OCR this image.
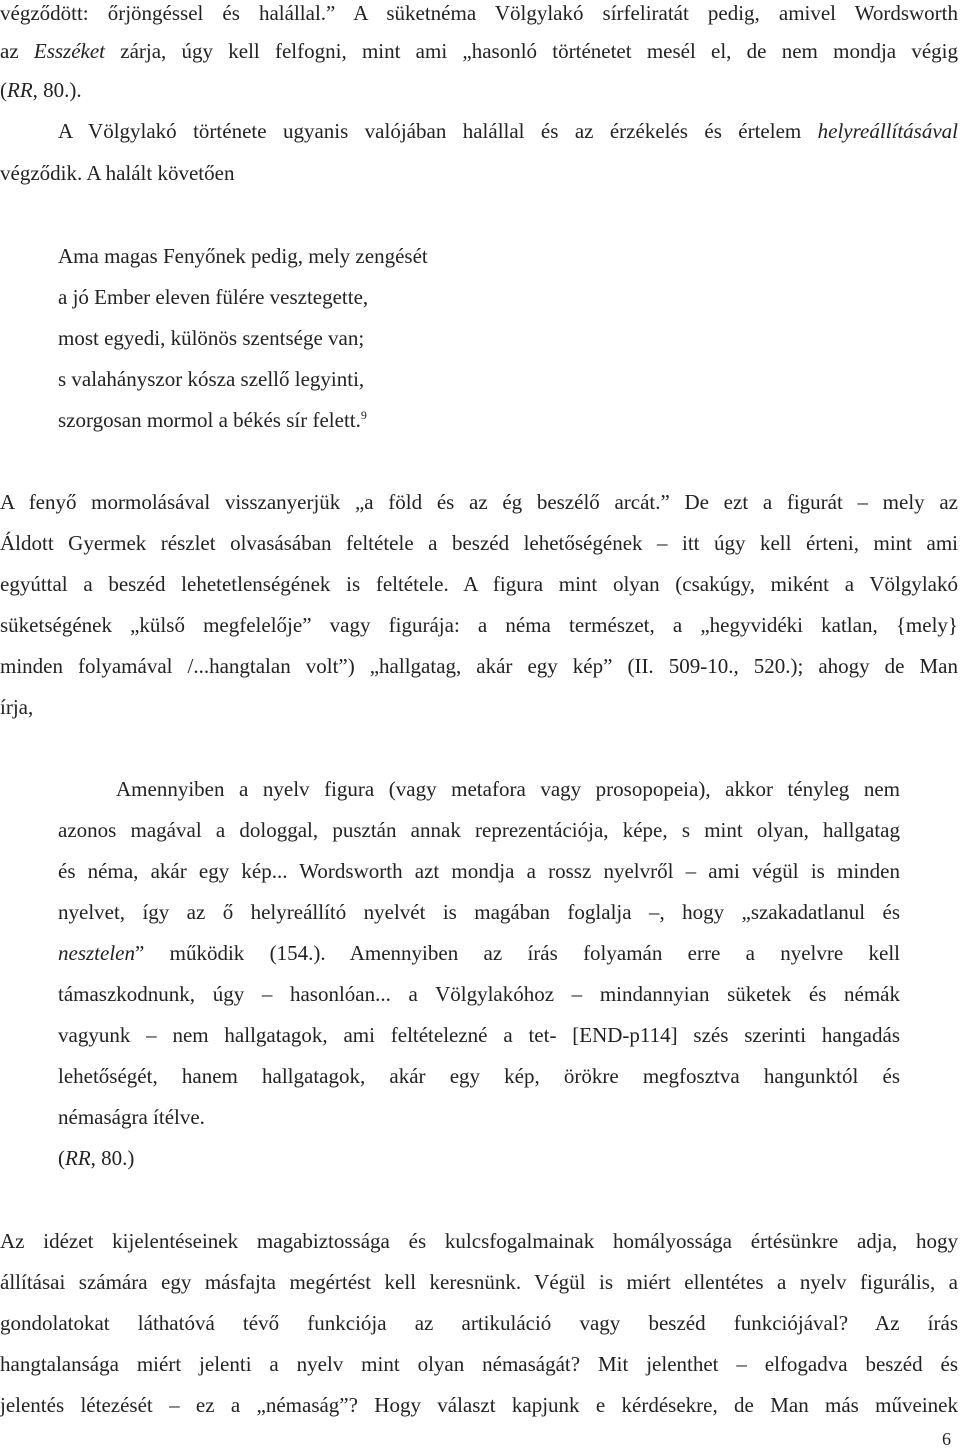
végződött: őrjöngéssel és halállal.” A süketnéma Völgylakó sírfeliratát pedig, amivel Wordsworth
az Esszéket zárja, úgy kell felfogni, mint ami „hasonló történetet mesél el, de nem mondja végig
(RR, 80.).
A Völgylakó története ugyanis valójában halállal és az érzékelés és értelem helyreállításával
végződik. A halált követően
Ama magas Fenyőnek pedig, mely zengését
a jó Ember eleven fülére vesztegette,
most egyedi, különös szentsége van;
s valahányszor kósza szellő legyinti,
szorgosan mormol a békés sír felett.$^9$
A fenyő mormolásával visszanyerjük „a föld és az ég beszélő arcát.” De ezt a figurát – mely az
Áldott Gyermek részlet olvasásában feltétele a beszéd lehetőségének – itt úgy kell érteni, mint ami
egyúttal a beszéd lehetetlenségének is feltétele. A figura mint olyan (csakúgy, miként a Völgylakó
süketségének „külső megfelelője” vagy figurája: a néma természet, a „hegyvidéki katlan, {mely}
minden folyamával /...hangtalan volt”) „hallgatag, akár egy kép” (II. 509-10., 520.); ahogy de Man
írja,
Amennyiben a nyelv figura (vagy metafora vagy prosopopeia), akkor tényleg nem
azonos magával a dologgal, pusztán annak reprezentációja, képe, s mint olyan, hallgatag
és néma, akár egy kép... Wordsworth azt mondja a rossz nyelvről – ami végül is minden
nyelvet, így az ő helyreállító nyelvét is magában foglalja –, hogy „szakadatlanul és
nesztelen” működik (154.). Amennyiben az írás folyamán erre a nyelvre kell
támaszkodnunk, úgy – hasonlóan... a Völgylakóhoz – mindannyian süketek és némák
vagyunk – nem hallgatagok, ami feltételezné a tet- [END-p114] szés szerinti hangadás
lehetőségét, hanem hallgatagok, akár egy kép, örökre megfosztva hangunktól és
némaságra ítélve.
(RR, 80.)
Az idézet kijelentéseinek magabiztossága és kulcsfogalmainak homályossága értésünkre adja, hogy
állításai számára egy másfajta megértést kell keresnünk. Végül is miért ellentétes a nyelv figurális, a
gondolatokat láthatóvá tévő funkciója az artikuláció vagy beszéd funkciójával? Az írás
hangtalansága miért jelenti a nyelv mint olyan némaságát? Mit jelenthet – elfogadva beszéd és
jelentés létezését – ez a „némaság”? Hogy választ kapjunk e kérdésekre, de Man más műveinek
6
